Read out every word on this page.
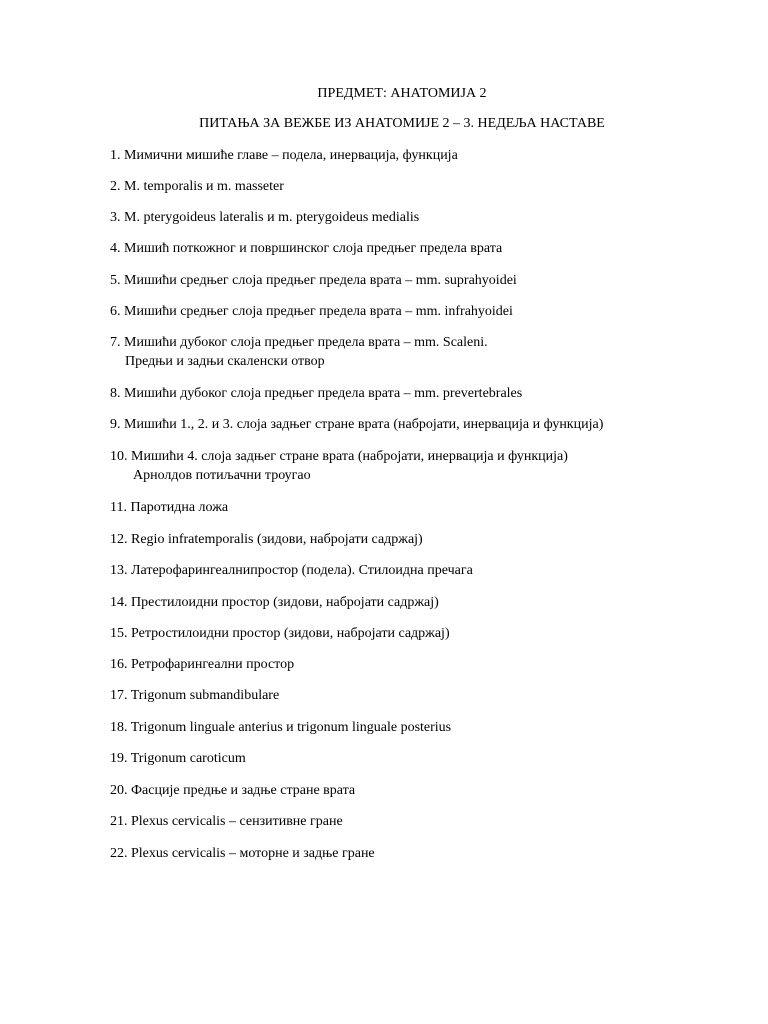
ПРЕДМЕТ: АНАТОМИЈА 2
ПИТАЊА ЗА ВЕЖБЕ ИЗ АНАТОМИЈЕ 2 – 3. НЕДЕЉА НАСТАВЕ
1. Мимични мишиће главе – подела, инервација, функција
2. M. temporalis и m. masseter
3. M. pterygoideus lateralis и m. pterygoideus medialis
4. Мишић поткожног и површинског слоја предњег предела врата
5. Мишићи средњег слоја предњег предела врата – mm. suprahyoidei
6. Мишићи средњег слоја предњег предела врата – mm. infrahyoidei
7. Мишићи дубоког слоја предњег предела врата – mm. Scaleni.
Предњи и задњи скаленски отвор
8. Мишићи дубоког слоја предњег предела врата – mm. prevertebrales
9. Мишићи 1., 2. и 3. слоја задњег стране врата (набројати, инервација и функција)
10. Мишићи 4. слоја задњег стране врата (набројати, инервација и функција)
Арнолдов потиљачни троугао
11. Паротидна ложа
12. Regio infratemporalis (зидови, набројати садржај)
13. Латерофарингеалнипростор (подела). Стилоидна пречага
14. Престилоидни простор (зидови, набројати садржај)
15. Ретростилоидни простор (зидови, набројати садржај)
16. Ретрофарингеални простор
17. Trigonum submandibulare
18. Trigonum linguale anterius и trigonum linguale posterius
19. Trigonum caroticum
20. Фасције предње и задње стране врата
21. Plexus cervicalis – сензитивне гране
22. Plexus cervicalis – моторне и задње гране
